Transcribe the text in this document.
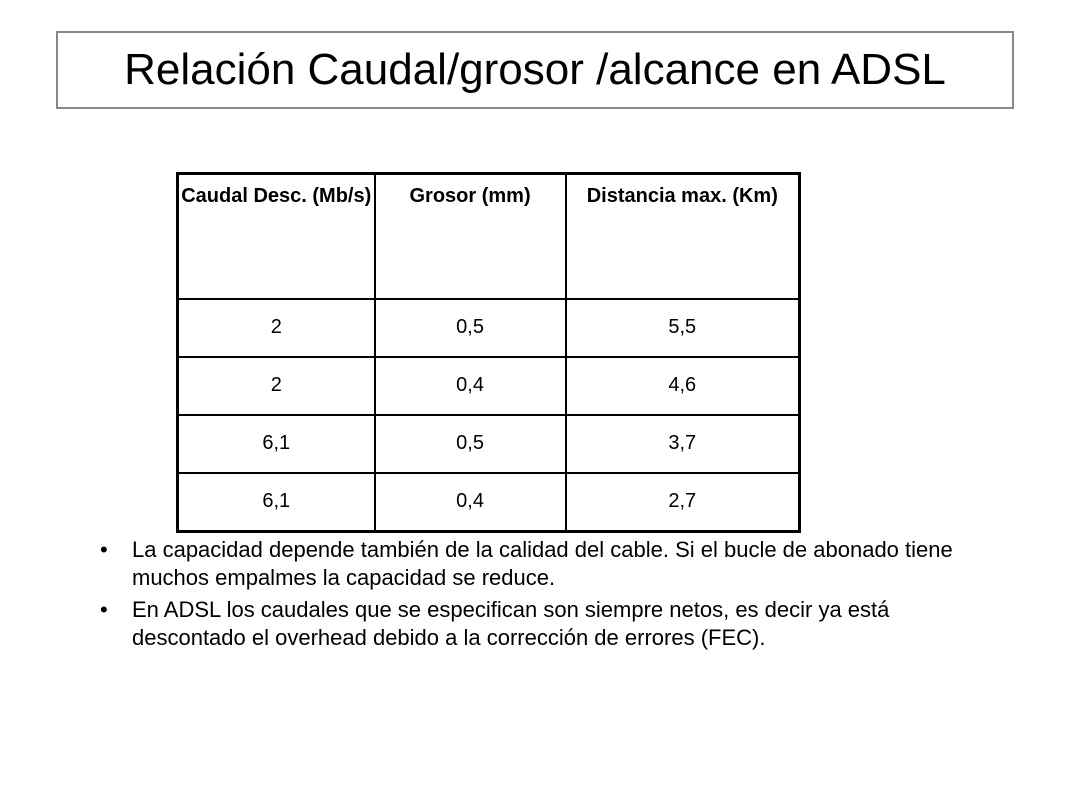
Relación Caudal/grosor /alcance en ADSL
Caudal Desc. (Mb/s)	Grosor (mm)	Distancia max. (Km)
2	0,5	5,5
2	0,4	4,6
6,1	0,5	3,7
6,1	0,4	2,7
• La capacidad depende también de la calidad del cable. Si el bucle de abonado tiene muchos empalmes la capacidad se reduce.
• En ADSL los caudales que se especifican son siempre netos, es decir ya está descontado el overhead debido a la corrección de errores (FEC).
